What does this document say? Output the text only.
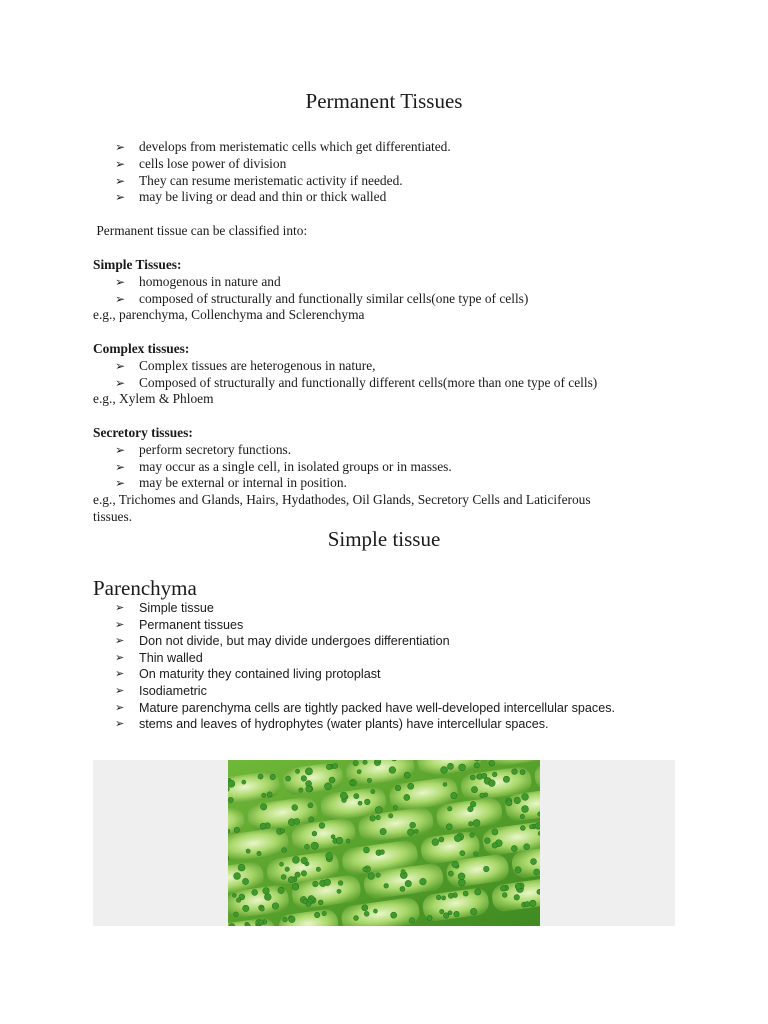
Permanent Tissues
➢ develops from meristematic cells which get differentiated.
➢ cells lose power of division
➢ They can resume meristematic activity if needed.
➢ may be living or dead and thin or thick walled

Permanent tissue can be classified into:

Simple Tissues:
➢ homogenous in nature and
➢ composed of structurally and functionally similar cells(one type of cells)

e.g., parenchyma, Collenchyma and Sclerenchyma

Complex tissues:
➢ Complex tissues are heterogenous in nature,
➢ Composed of structurally and functionally different cells(more than one type of cells)

e.g., Xylem & Phloem

Secretory tissues:
➢ perform secretory functions.
➢ may occur as a single cell, in isolated groups or in masses.
➢ may be external or internal in position.

e.g., Trichomes and Glands, Hairs, Hydathodes, Oil Glands, Secretory Cells and Laticiferous

tissues.

Simple tissue
Parenchyma
➢ Simple tissue
➢ Permanent tissues
➢ Don not divide, but may divide undergoes differentiation
➢ Thin walled
➢ On maturity they contained living protoplast
➢ Isodiametric
➢ Mature parenchyma cells are tightly packed have well-developed intercellular spaces.
➢ stems and leaves of hydrophytes (water plants) have intercellular spaces.
